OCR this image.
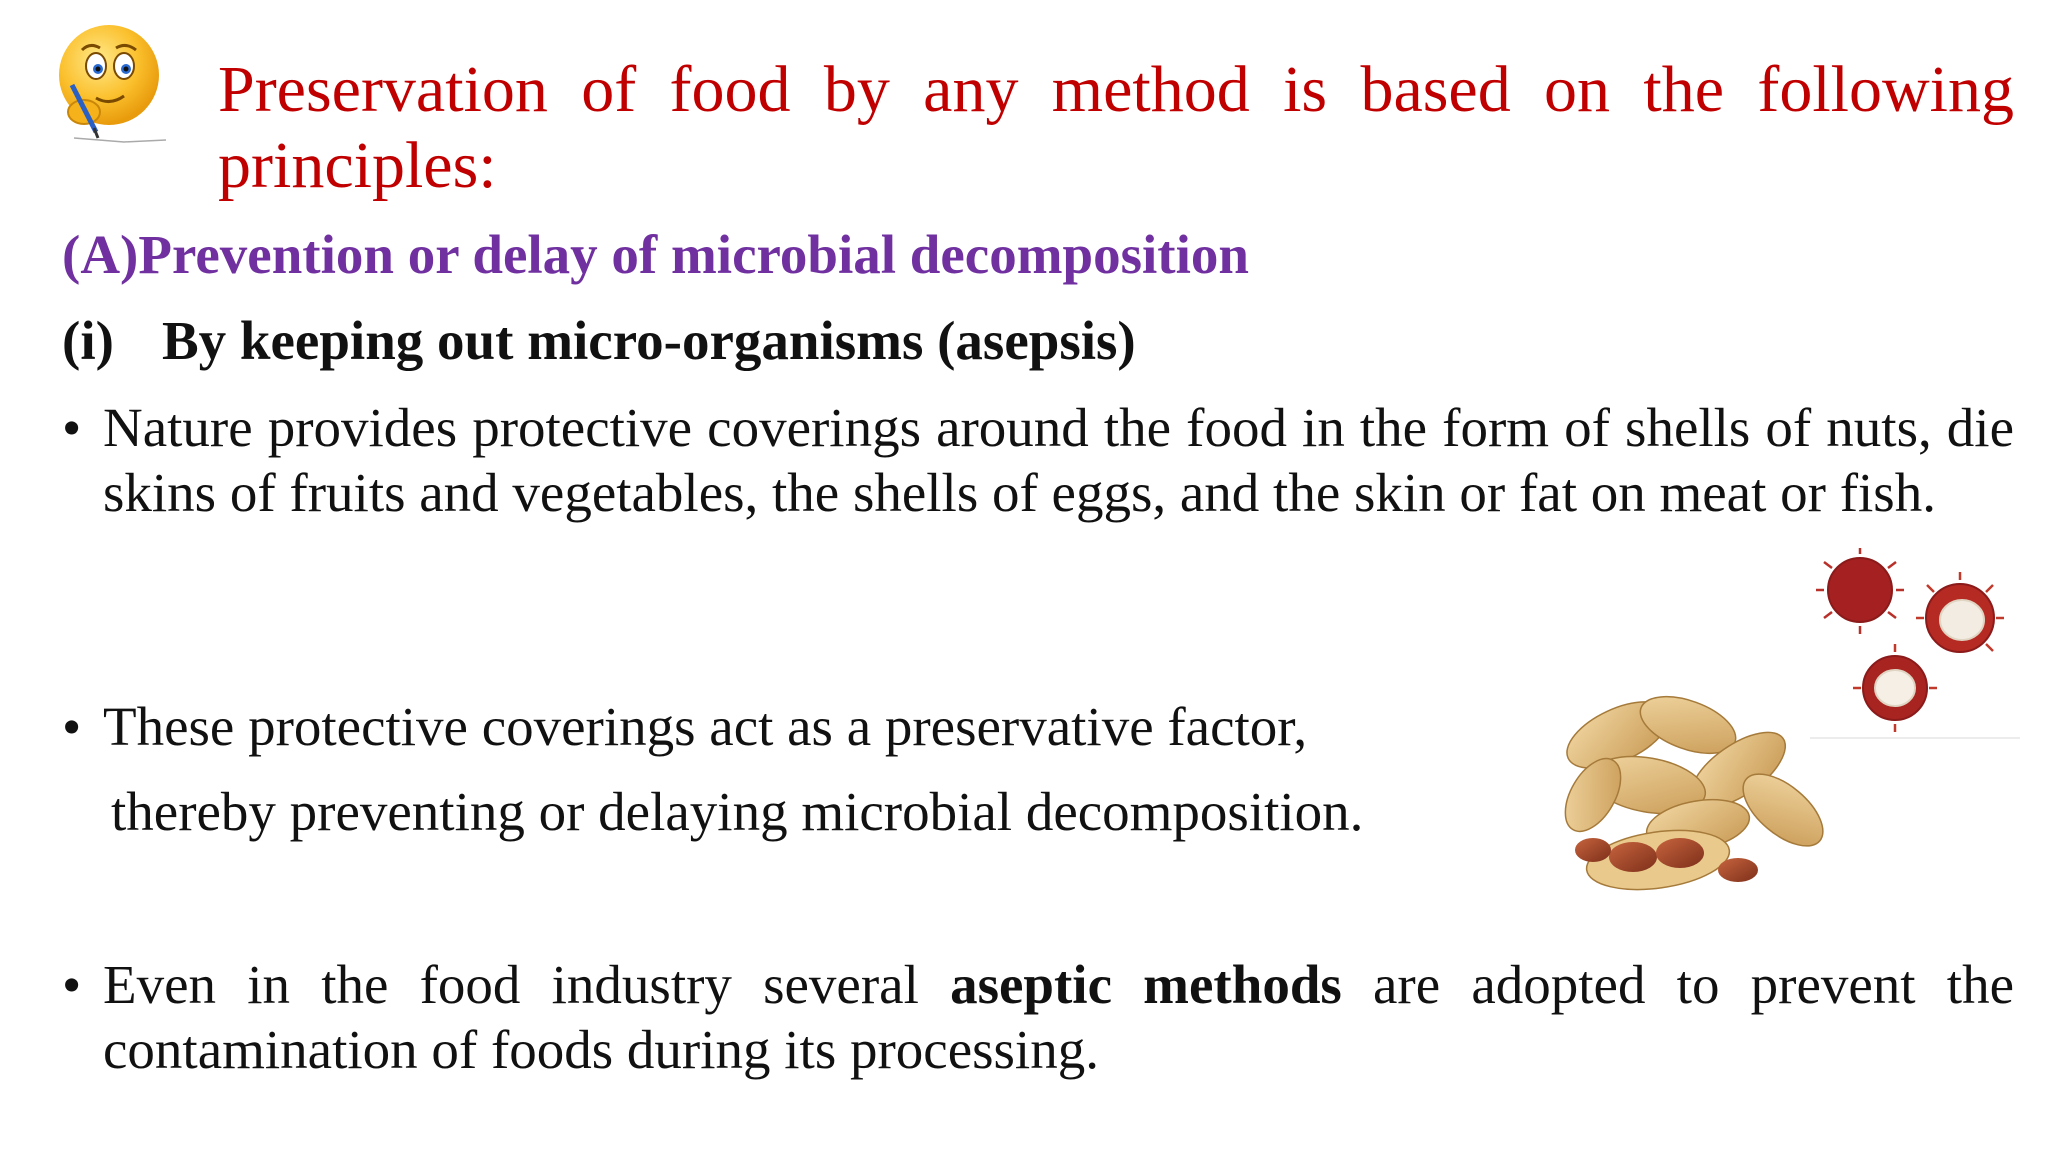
Preservation of food by any method is based on the following
principles:
(A)Prevention or delay of microbial decomposition
(i) By keeping out micro-organisms (asepsis)
• Nature provides protective coverings around the food in the form of shells of nuts, die skins of fruits and vegetables, the shells of eggs, and the skin or fat on meat or fish.
• These protective coverings act as a preservative factor,
thereby preventing or delaying microbial decomposition.
• Even in the food industry several aseptic methods are adopted to prevent the contamination of foods during its processing.
